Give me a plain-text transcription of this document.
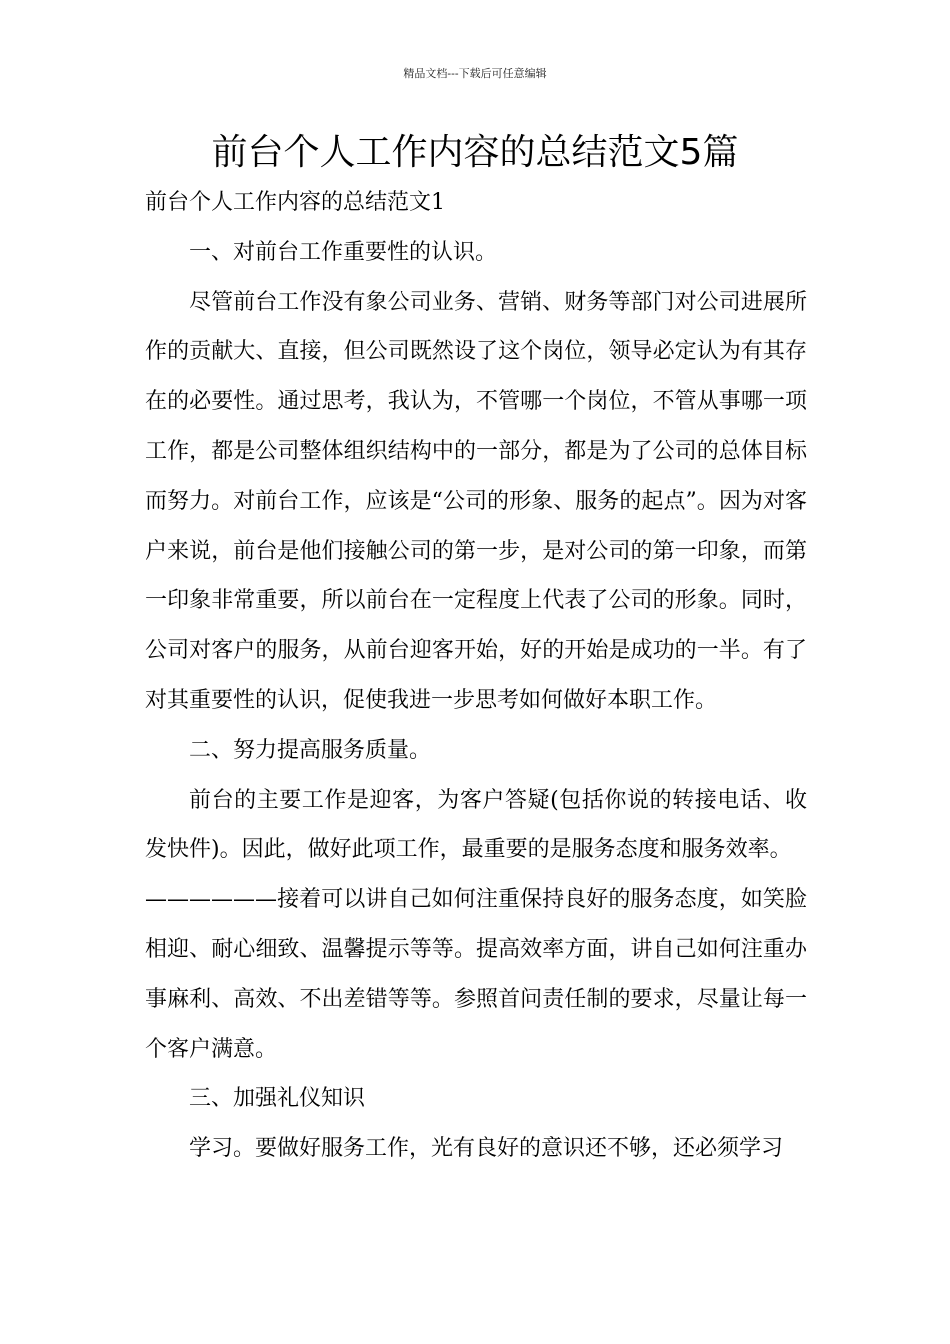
精品文档---下载后可任意编辑
前台个人工作内容的总结范文5篇

前台个人工作内容的总结范文1

一、对前台工作重要性的认识。

尽管前台工作没有象公司业务、营销、财务等部门对公司进展所作的贡献大、直接，但公司既然设了这个岗位，领导必定认为有其存在的必要性。通过思考，我认为，不管哪一个岗位，不管从事哪一项工作，都是公司整体组织结构中的一部分，都是为了公司的总体目标而努力。对前台工作，应该是“公司的形象、服务的起点”。因为对客户来说，前台是他们接触公司的第一步，是对公司的第一印象，而第一印象非常重要，所以前台在一定程度上代表了公司的形象。同时，公司对客户的服务，从前台迎客开始，好的开始是成功的一半。有了对其重要性的认识，促使我进一步思考如何做好本职工作。

二、努力提高服务质量。

前台的主要工作是迎客，为客户答疑(包括你说的转接电话、收发快件)。因此，做好此项工作，最重要的是服务态度和服务效率。

——————接着可以讲自己如何注重保持良好的服务态度，如笑脸相迎、耐心细致、温馨提示等等。提高效率方面，讲自己如何注重办事麻利、高效、不出差错等等。参照首问责任制的要求，尽量让每一个客户满意。

三、加强礼仪知识

学习。要做好服务工作，光有良好的意识还不够，还必须学习
